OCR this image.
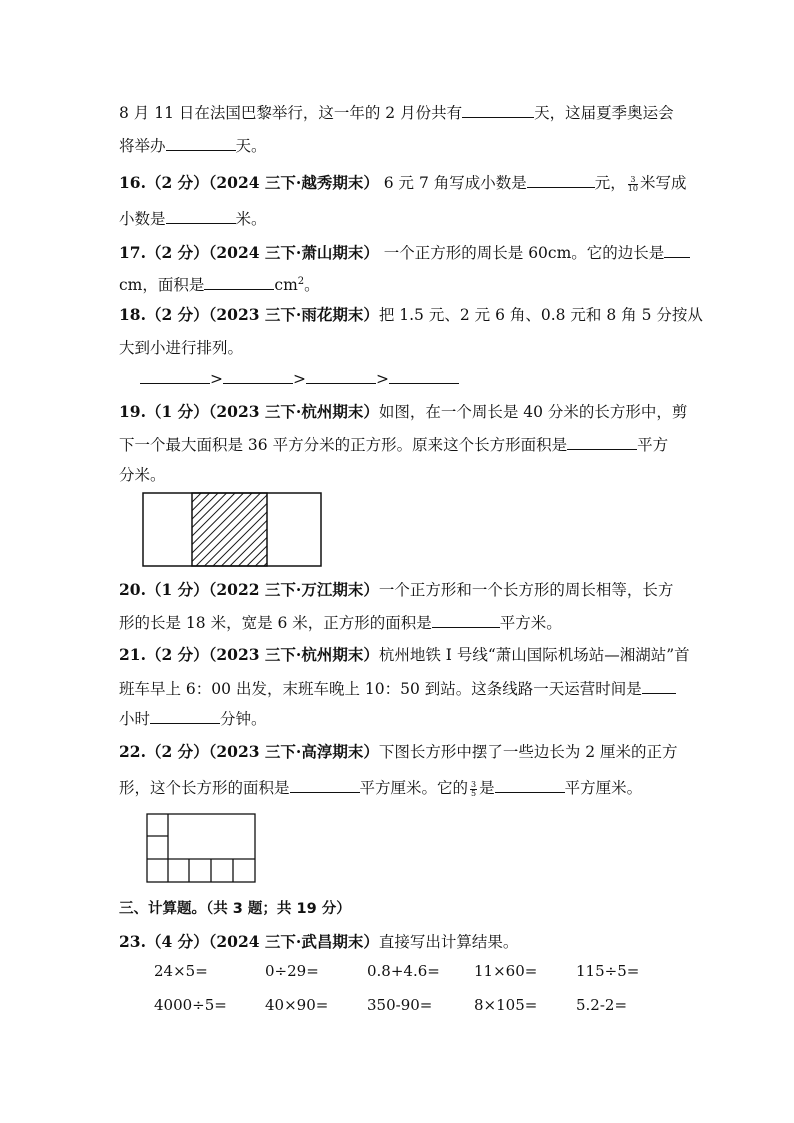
8 月 11 日在法国巴黎举行，这一年的 2 月份共有	天，这届夏季奥运会
将举办	天。
16.（2 分）（2024 三下·越秀期末） 6 元 7 角写成小数是	元， $\frac{3}{10}$ 米写成
小数是	米。
17.（2 分）（2024 三下·萧山期末） 一个正方形的周长是 60cm。它的边长是
cm，面积是	$cm^2$。
18.（2 分）（2023 三下·雨花期末）把 1.5 元、2 元 6 角、0.8 元和 8 角 5 分按从
大到小进行排列。
>	>	>
19.（1 分）（2023 三下·杭州期末）如图，在一个周长是 40 分米的长方形中，剪
下一个最大面积是 36 平方分米的正方形。原来这个长方形面积是	平方
分米。
20.（1 分）（2022 三下·万江期末）一个正方形和一个长方形的周长相等，长方
形的长是 18 米，宽是 6 米，正方形的面积是	平方米。
21.（2 分）（2023 三下·杭州期末）杭州地铁 I 号线“萧山国际机场站—湘湖站”首
班车早上 6：00 出发，末班车晚上 10：50 到站。这条线路一天运营时间是
小时	分钟。
22.（2 分）（2023 三下·高淳期末）下图长方形中摆了一些边长为 2 厘米的正方
形，这个长方形的面积是	平方厘米。它的 $\frac{3}{5}$ 是	平方厘米。
三、计算题。（共 3 题；共 19 分）
23.（4 分）（2024 三下·武昌期末）直接写出计算结果。
24×5=	0÷29=	0.8+4.6= 11×60=	115÷5=
4000÷5=	40×90=	350-90=	8×105=	5.2-2=
